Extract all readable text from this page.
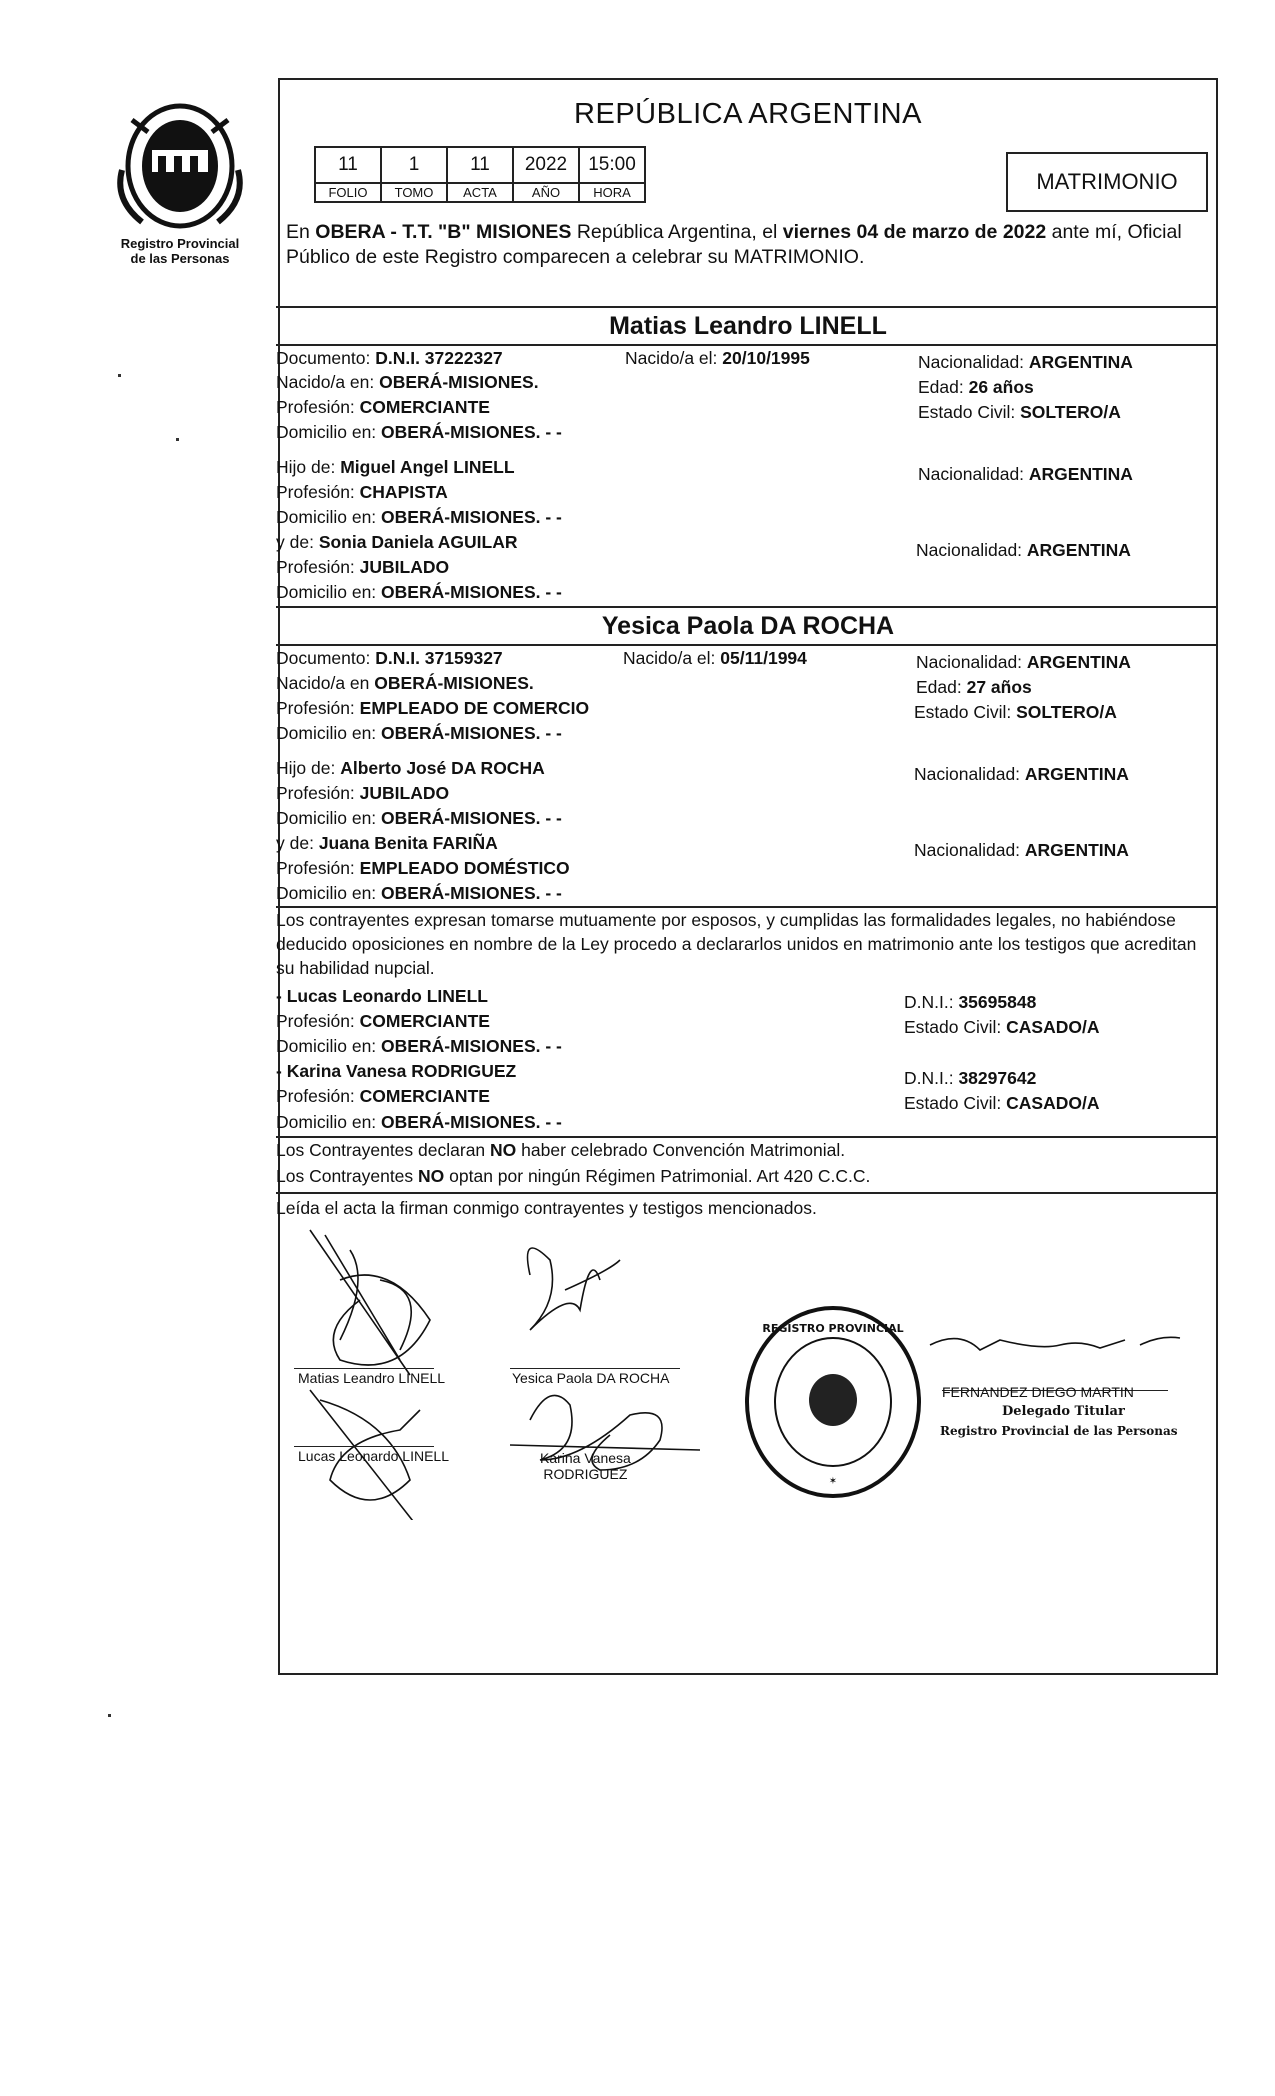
Registro Provincial
de las Personas
REPÚBLICA ARGENTINA
11	1	11	2022	15:00
FOLIO	TOMO	ACTA	AÑO	HORA	MATRIMONIO
En OBERA - T.T. "B" MISIONES República Argentina, el viernes 04 de marzo de 2022 ante mí, Oficial Público de este Registro comparecen a celebrar su MATRIMONIO.
Matias Leandro LINELL
Documento: D.N.I. 37222327	Nacido/a el: 20/10/1995	Nacionalidad: ARGENTINA
Nacido/a en: OBERÁ-MISIONES.	Edad: 26 años
Profesión: COMERCIANTE	Estado Civil: SOLTERO/A
Domicilio en: OBERÁ-MISIONES. - -
Hijo de: Miguel Angel LINELL	Nacionalidad: ARGENTINA
Profesión: CHAPISTA
Domicilio en: OBERÁ-MISIONES. - -
y de: Sonia Daniela AGUILAR	Nacionalidad: ARGENTINA
Profesión: JUBILADO
Domicilio en: OBERÁ-MISIONES. - -
Yesica Paola DA ROCHA
Documento: D.N.I. 37159327	Nacido/a el: 05/11/1994	Nacionalidad: ARGENTINA
Nacido/a en OBERÁ-MISIONES.	Edad: 27 años
Profesión: EMPLEADO DE COMERCIO	Estado Civil: SOLTERO/A
Domicilio en: OBERÁ-MISIONES. - -
Hijo de: Alberto José DA ROCHA	Nacionalidad: ARGENTINA
Profesión: JUBILADO
Domicilio en: OBERÁ-MISIONES. - -
y de: Juana Benita FARIÑA	Nacionalidad: ARGENTINA
Profesión: EMPLEADO DOMÉSTICO
Domicilio en: OBERÁ-MISIONES. - -
Los contrayentes expresan tomarse mutuamente por esposos, y cumplidas las formalidades legales, no habiéndose deducido oposiciones en nombre de la Ley procedo a declararlos unidos en matrimonio ante los testigos que acreditan su habilidad nupcial.
- Lucas Leonardo LINELL	D.N.I.: 35695848
Profesión: COMERCIANTE	Estado Civil: CASADO/A
Domicilio en: OBERÁ-MISIONES. - -
- Karina Vanesa RODRIGUEZ	D.N.I.: 38297642
Profesión: COMERCIANTE	Estado Civil: CASADO/A
Domicilio en: OBERÁ-MISIONES. - -
Los Contrayentes declaran NO haber celebrado Convención Matrimonial.
Los Contrayentes NO optan por ningún Régimen Patrimonial. Art 420 C.C.C.
Leída el acta la firman conmigo contrayentes y testigos mencionados.
Matias Leandro LINELL	Yesica Paola DA ROCHA
Lucas Leonardo LINELL	Karina Vanesa
RODRIGUEZ
REGISTRO PROVINCIAL
✶
FERNANDEZ DIEGO MARTIN
Delegado Titular
Registro Provincial de las Personas
